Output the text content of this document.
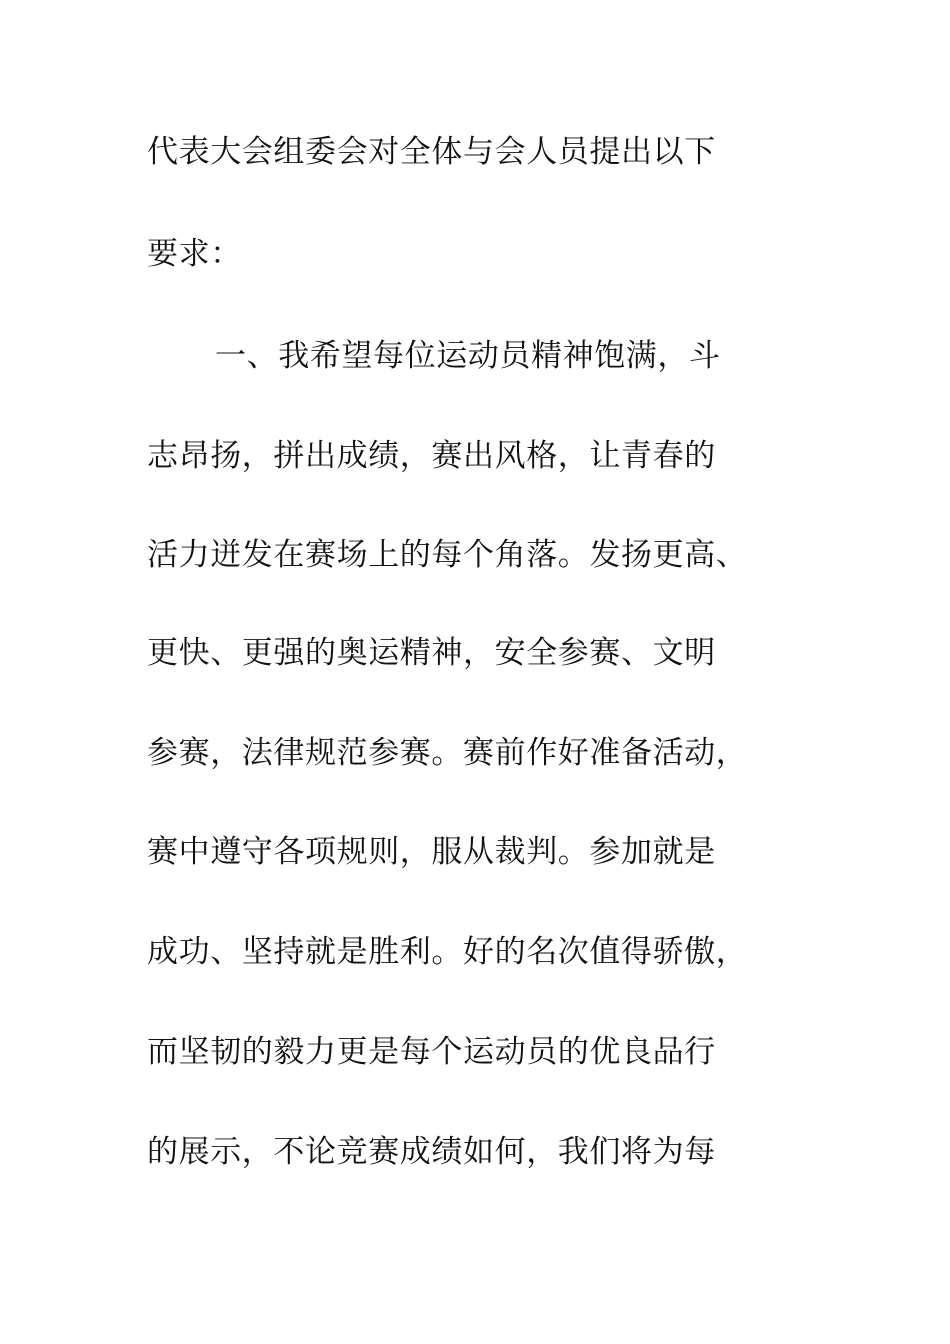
代表大会组委会对全体与会人员提出以下
要求：
一、我希望每位运动员精神饱满，斗
志昂扬，拼出成绩，赛出风格，让青春的
活力迸发在赛场上的每个角落。发扬更高、
更快、更强的奥运精神，安全参赛、文明
参赛，法律规范参赛。赛前作好准备活动，
赛中遵守各项规则，服从裁判。参加就是
成功、坚持就是胜利。好的名次值得骄傲，
而坚韧的毅力更是每个运动员的优良品行
的展示，不论竞赛成绩如何，我们将为每
